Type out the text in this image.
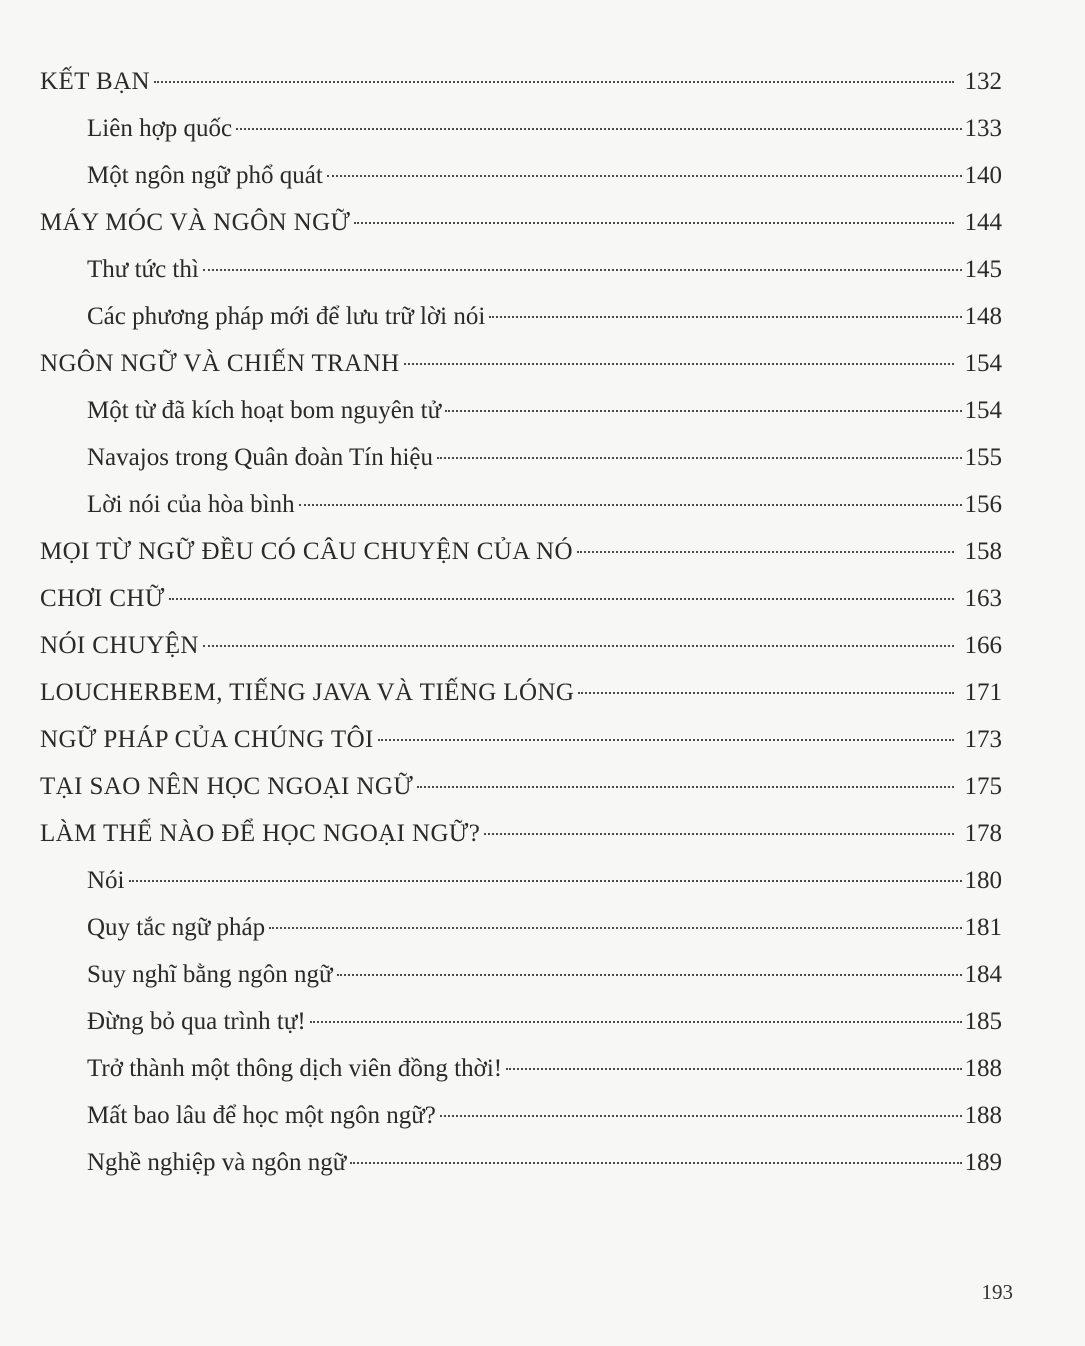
KẾT BẠN	132
Liên hợp quốc	133
Một ngôn ngữ phổ quát	140
MÁY MÓC VÀ NGÔN NGỮ	144
Thư tức thì	145
Các phương pháp mới để lưu trữ lời nói	148
NGÔN NGỮ VÀ CHIẾN TRANH	154
Một từ đã kích hoạt bom nguyên tử	154
Navajos trong Quân đoàn Tín hiệu	155
Lời nói của hòa bình	156
MỌI TỪ NGỮ ĐỀU CÓ CÂU CHUYỆN CỦA NÓ	158
CHƠI CHỮ	163
NÓI CHUYỆN	166
LOUCHERBEM, TIẾNG JAVA VÀ TIẾNG LÓNG	171
NGỮ PHÁP CỦA CHÚNG TÔI	173
TẠI SAO NÊN HỌC NGOẠI NGỮ	175
LÀM THẾ NÀO ĐỂ HỌC NGOẠI NGỮ?	178
Nói	180
Quy tắc ngữ pháp	181
Suy nghĩ bằng ngôn ngữ	184
Đừng bỏ qua trình tự!	185
Trở thành một thông dịch viên đồng thời!	188
Mất bao lâu để học một ngôn ngữ?	188
Nghề nghiệp và ngôn ngữ	189
193
